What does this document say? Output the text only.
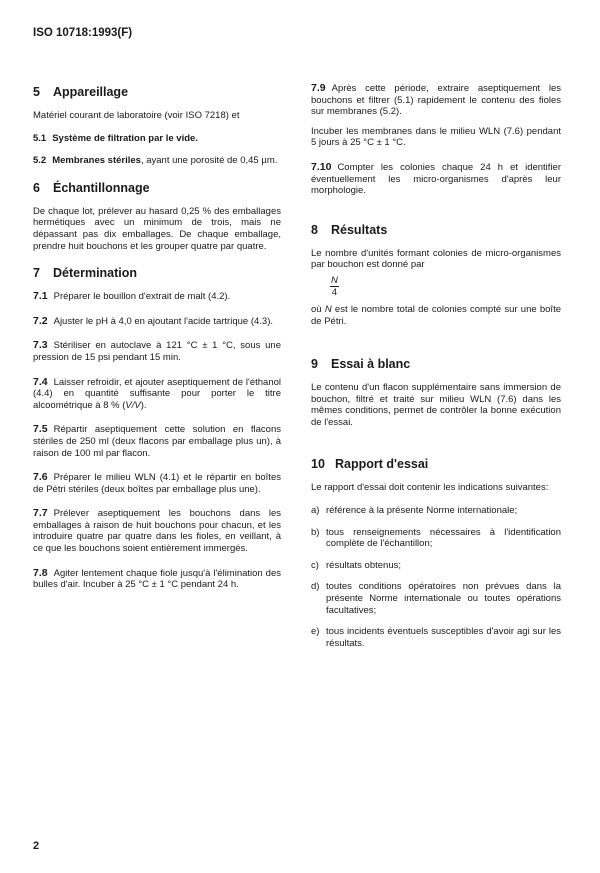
ISO 10718:1993(F)
5 Appareillage

Matériel courant de laboratoire (voir ISO 7218) et

5.1 Système de filtration par le vide.

5.2 Membranes stériles, ayant une porosité de 0,45 µm.

6 Échantillonnage

De chaque lot, prélever au hasard 0,25 % des emballages hermétiques avec un minimum de trois, mais ne dépassant pas dix emballages. De chaque emballage, prendre huit bouchons et les grouper quatre par quatre.

7 Détermination

7.1 Préparer le bouillon d'extrait de malt (4.2).

7.2 Ajuster le pH à 4,0 en ajoutant l'acide tartrique (4.3).

7.3 Stériliser en autoclave à 121 °C ± 1 °C, sous une pression de 15 psi pendant 15 min.

7.4 Laisser refroidir, et ajouter aseptiquement de l'éthanol (4.4) en quantité suffisante pour porter le titre alcoométrique à 8 % (V/V).

7.5 Répartir aseptiquement cette solution en flacons stériles de 250 ml (deux flacons par emballage plus un), à raison de 100 ml par flacon.

7.6 Préparer le milieu WLN (4.1) et le répartir en boîtes de Pétri stériles (deux boîtes par emballage plus une).

7.7 Prélever aseptiquement les bouchons dans les emballages à raison de huit bouchons pour chacun, et les introduire quatre par quatre dans les fioles, en veillant, à ce que les bouchons soient entièrement immergés.

7.8 Agiter lentement chaque fiole jusqu'à l'élimination des bulles d'air. Incuber à 25 °C ± 1 °C pendant 24 h.

7.9 Après cette période, extraire aseptiquement les bouchons et filtrer (5.1) rapidement le contenu des fioles sur membranes (5.2).

Incuber les membranes dans le milieu WLN (7.6) pendant 5 jours à 25 °C ± 1 °C.

7.10 Compter les colonies chaque 24 h et identifier éventuellement les micro-organismes d'après leur morphologie.

8 Résultats

Le nombre d'unités formant colonies de micro-organismes par bouchon est donné par

$\frac{N}{4}$

où N est le nombre total de colonies compté sur une boîte de Pétri.

9 Essai à blanc

Le contenu d'un flacon supplémentaire sans immersion de bouchon, filtré et traité sur milieu WLN (7.6) dans les mêmes conditions, permet de contrôler la bonne exécution de l'essai.

10 Rapport d'essai

Le rapport d'essai doit contenir les indications suivantes:

a) référence à la présente Norme internationale;
b) tous renseignements nécessaires à l'identification complète de l'échantillon;
c) résultats obtenus;
d) toutes conditions opératoires non prévues dans la présente Norme internationale ou toutes opérations facultatives;
e) tous incidents éventuels susceptibles d'avoir agi sur les résultats.
2
